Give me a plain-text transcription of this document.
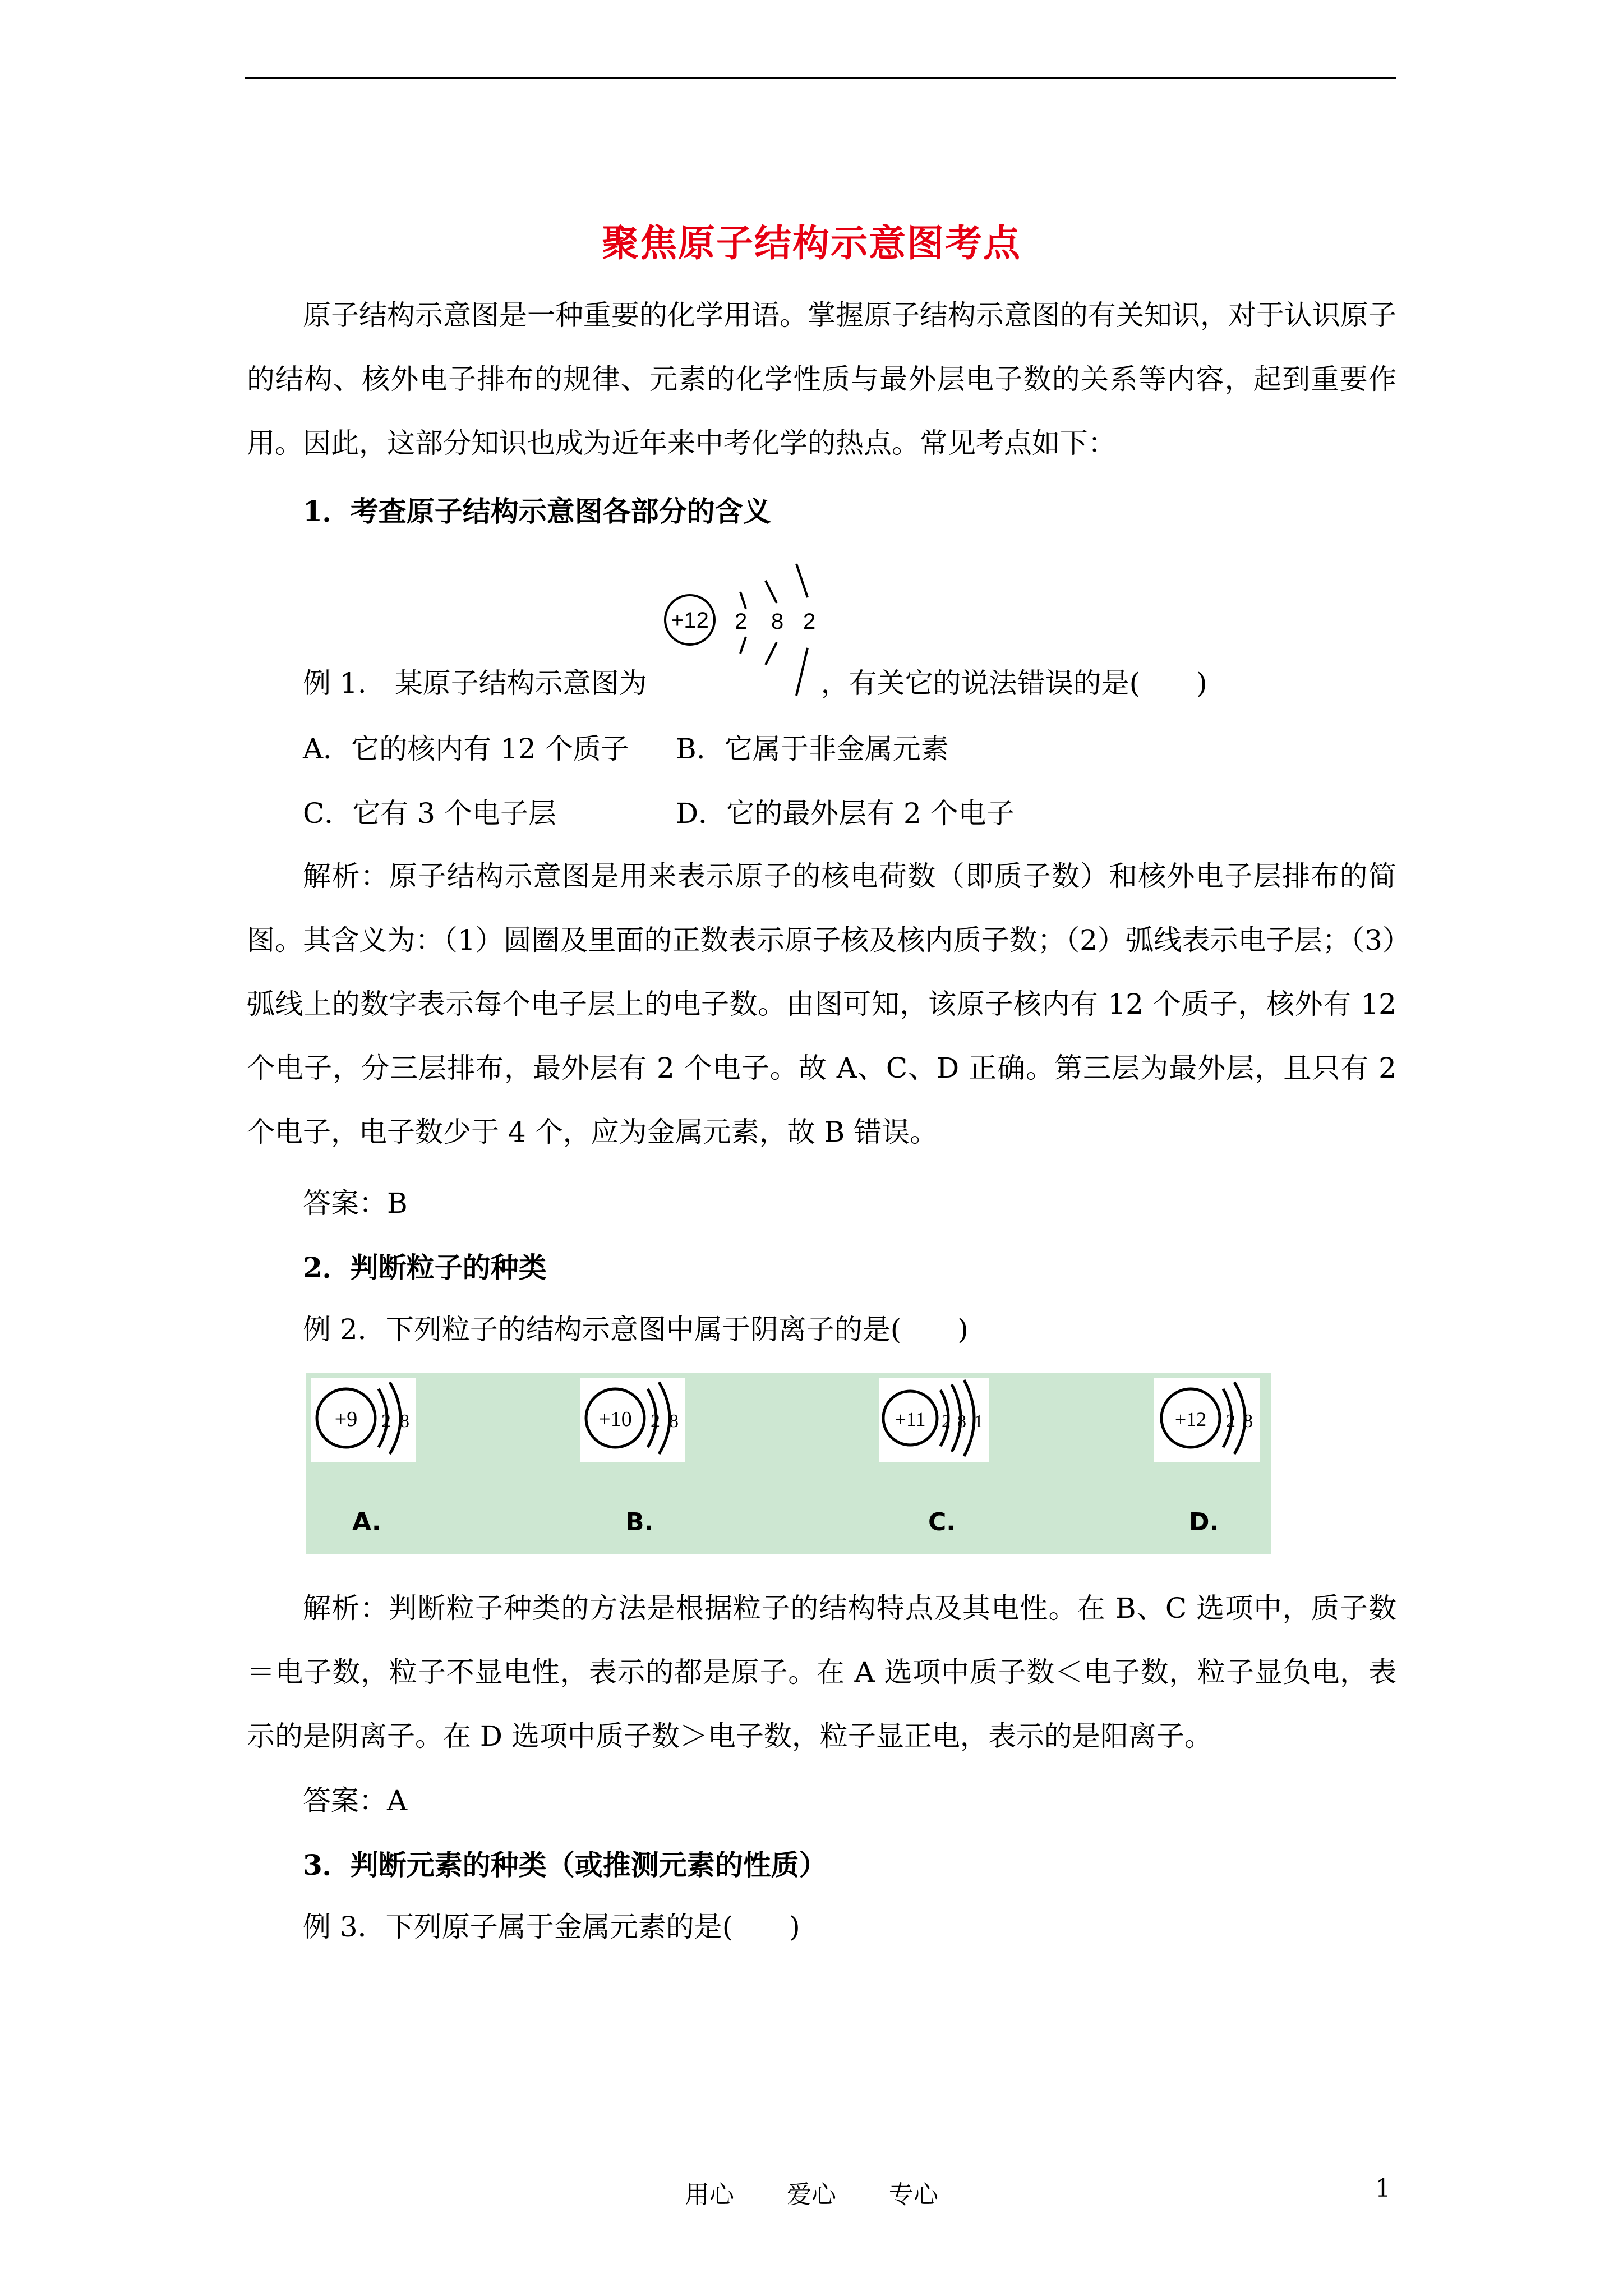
聚焦原子结构示意图考点

原子结构示意图是一种重要的化学用语。掌握原子结构示意图的有关知识，对于认识原子的结构、核外电子排布的规律、元素的化学性质与最外层电子数的关系等内容，起到重要作用。因此，这部分知识也成为近年来中考化学的热点。常见考点如下：

1．考查原子结构示意图各部分的含义
+12 2 8 2
例 1.　某原子结构示意图为	，有关它的说法错误的是(　　)
A．它的核内有 12 个质子 B．它属于非金属元素
C．它有 3 个电子层	D．它的最外层有 2 个电子

解析：原子结构示意图是用来表示原子的核电荷数（即质子数）和核外电子层排布的简图。其含义为：（1）圆圈及里面的正数表示原子核及核内质子数；（2）弧线表示电子层；（3）弧线上的数字表示每个电子层上的电子数。由图可知，该原子核内有 12 个质子，核外有 12 个电子，分三层排布，最外层有 2 个电子。故 A、C、D 正确。第三层为最外层，且只有 2 个电子，电子数少于 4 个，应为金属元素，故 B 错误。

答案：B
2．判断粒子的种类
例 2．下列粒子的结构示意图中属于阴离子的是(　　)
+9 2 8	+10 2 8	+11 2 8 1	+12 2 8
A.	B.	C.	D.

解析：判断粒子种类的方法是根据粒子的结构特点及其电性。在 B、C 选项中，质子数＝电子数，粒子不显电性，表示的都是原子。在 A 选项中质子数＜电子数，粒子显负电，表示的是阴离子。在 D 选项中质子数＞电子数，粒子显正电，表示的是阳离子。

答案：A
3．判断元素的种类（或推测元素的性质）
例 3．下列原子属于金属元素的是(　　)
用心 爱心 专心	1
